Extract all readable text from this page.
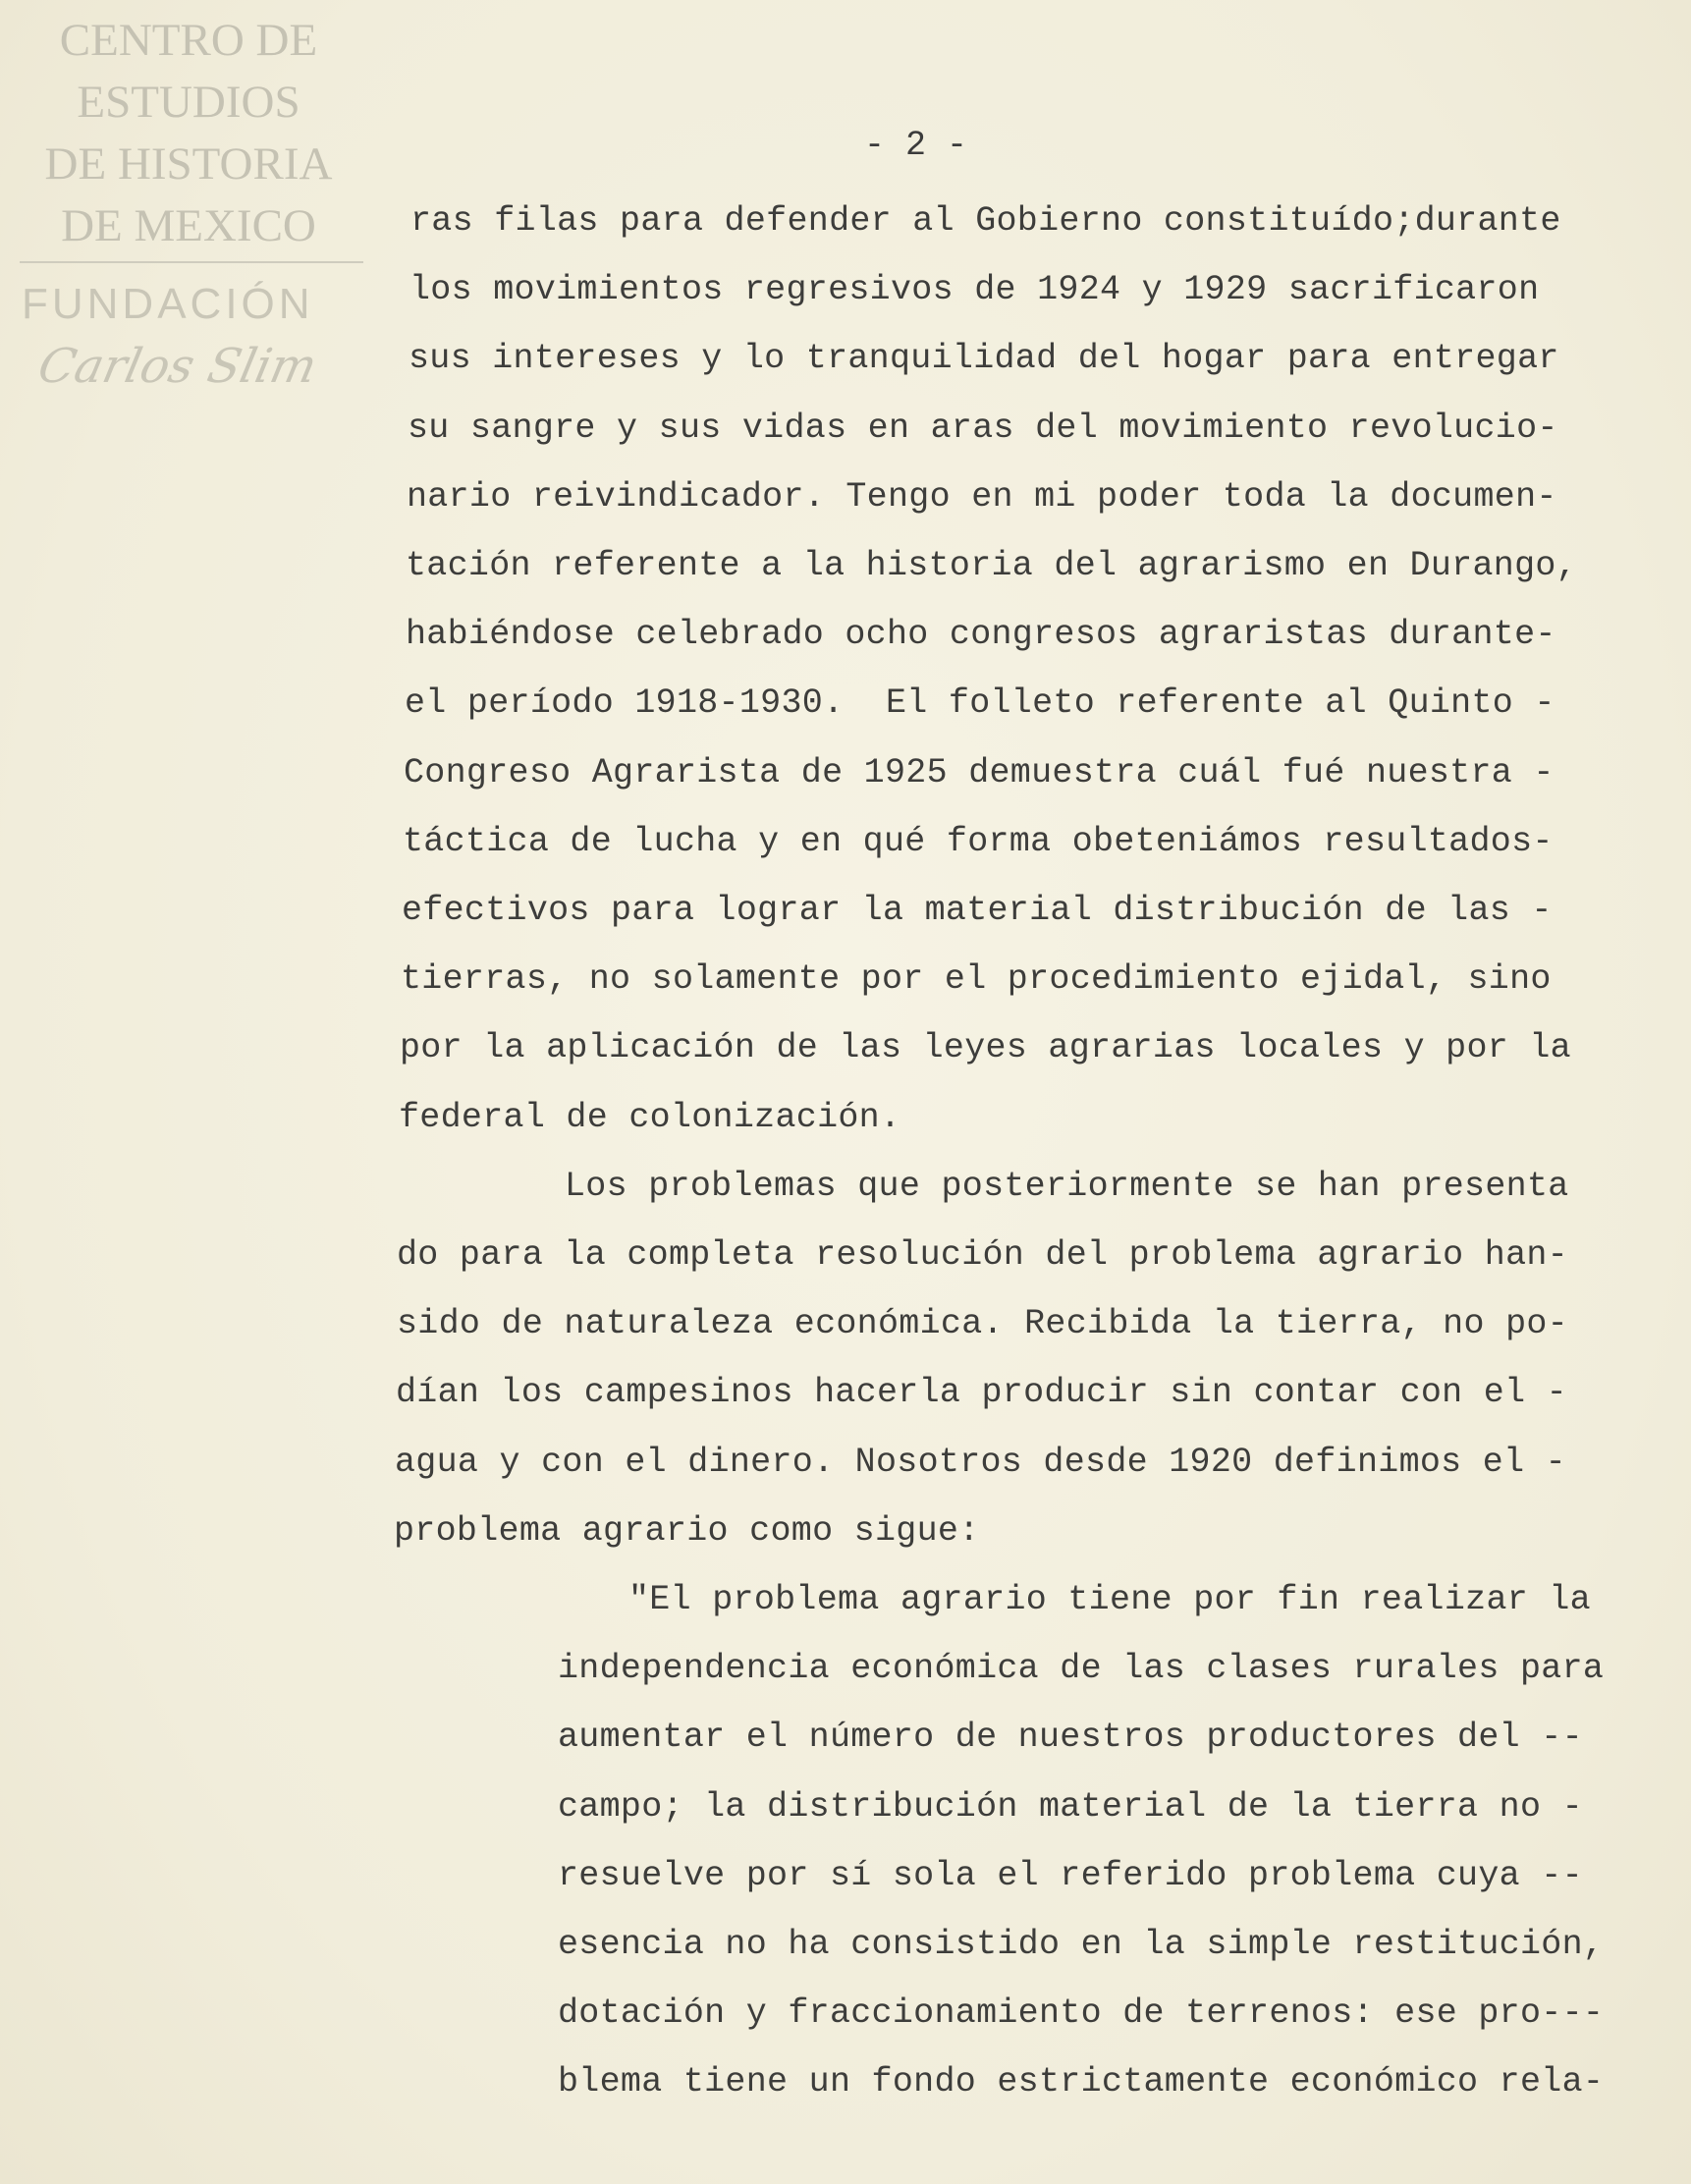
CENTRO DE
ESTUDIOS
DE HISTORIA
DE MEXICO
FUNDACIÓN
Carlos Slim
- 2 -
ras filas para defender al Gobierno constituído;durante
los movimientos regresivos de 1924 y 1929 sacrificaron
sus intereses y lo tranquilidad del hogar para entregar
su sangre y sus vidas en aras del movimiento revolucio-
nario reivindicador. Tengo en mi poder toda la documen-
tación referente a la historia del agrarismo en Durango,
habiéndose celebrado ocho congresos agraristas durante-
el período 1918-1930.  El folleto referente al Quinto -
Congreso Agrarista de 1925 demuestra cuál fué nuestra -
táctica de lucha y en qué forma obeteniámos resultados-
efectivos para lograr la material distribución de las -
tierras, no solamente por el procedimiento ejidal, sino
por la aplicación de las leyes agrarias locales y por la
federal de colonización.
Los problemas que posteriormente se han presenta
do para la completa resolución del problema agrario han-
sido de naturaleza económica. Recibida la tierra, no po-
dían los campesinos hacerla producir sin contar con el -
agua y con el dinero. Nosotros desde 1920 definimos el -
problema agrario como sigue:
"El problema agrario tiene por fin realizar la
independencia económica de las clases rurales para
aumentar el número de nuestros productores del --
campo; la distribución material de la tierra no -
resuelve por sí sola el referido problema cuya --
esencia no ha consistido en la simple restitución,
dotación y fraccionamiento de terrenos: ese pro---
blema tiene un fondo estrictamente económico rela-
